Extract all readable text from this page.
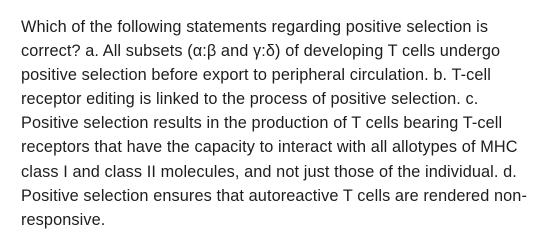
Which of the following statements regarding positive selection is correct? a. All subsets (α:β and γ:δ) of developing T cells undergo positive selection before export to peripheral circulation. b. T-cell receptor editing is linked to the process of positive selection. c. Positive selection results in the production of T cells bearing T-cell receptors that have the capacity to interact with all allotypes of MHC class I and class II molecules, and not just those of the individual. d. Positive selection ensures that autoreactive T cells are rendered non-responsive.
